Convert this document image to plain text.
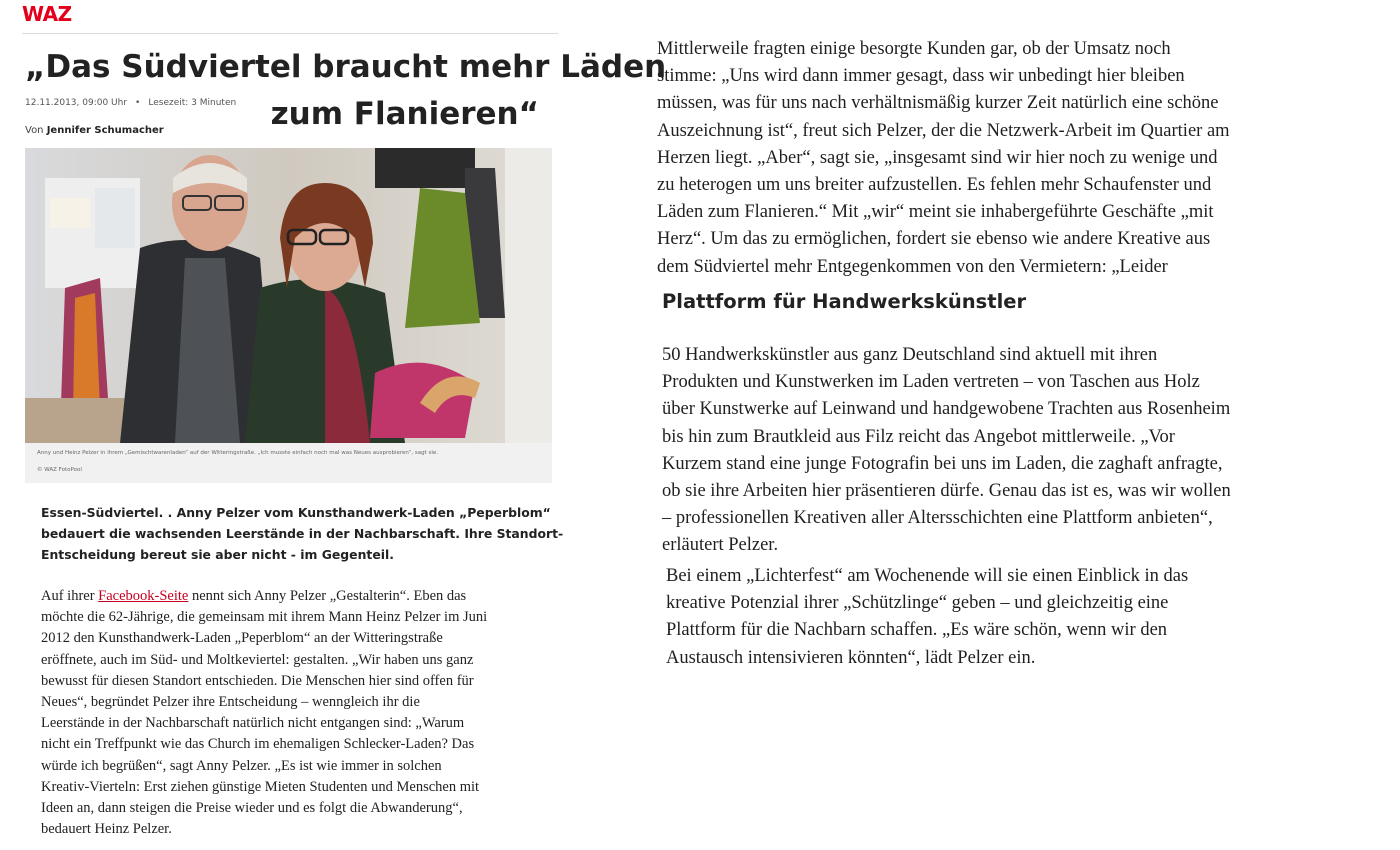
WAZ
„Das Südviertel braucht mehr Läden
zum Flanieren“
12.11.2013, 09:00 Uhr • Lesezeit: 3 Minuten
Von Jennifer Schumacher
Anny und Heinz Pelzer in ihrem „Gemischtwarenladen“ auf der Witteringstraße. „Ich musste einfach noch mal was Neues ausprobieren“, sagt sie.
© WAZ FotoPool
Essen-Südviertel. . Anny Pelzer vom Kunsthandwerk-Laden „Peperblom“
bedauert die wachsenden Leerstände in der Nachbarschaft. Ihre Standort-
Entscheidung bereut sie aber nicht - im Gegenteil.
Auf ihrer Facebook-Seite nennt sich Anny Pelzer „Gestalterin“. Eben das
möchte die 62-Jährige, die gemeinsam mit ihrem Mann Heinz Pelzer im Juni
2012 den Kunsthandwerk-Laden „Peperblom“ an der Witteringstraße
eröffnete, auch im Süd- und Moltkeviertel: gestalten. „Wir haben uns ganz
bewusst für diesen Standort entschieden. Die Menschen hier sind offen für
Neues“, begründet Pelzer ihre Entscheidung – wenngleich ihr die
Leerstände in der Nachbarschaft natürlich nicht entgangen sind: „Warum
nicht ein Treffpunkt wie das Church im ehemaligen Schlecker-Laden? Das
würde ich begrüßen“, sagt Anny Pelzer. „Es ist wie immer in solchen
Kreativ-Vierteln: Erst ziehen günstige Mieten Studenten und Menschen mit
Ideen an, dann steigen die Preise wieder und es folgt die Abwanderung“,
bedauert Heinz Pelzer.
Mittlerweile fragten einige besorgte Kunden gar, ob der Umsatz noch
stimme: „Uns wird dann immer gesagt, dass wir unbedingt hier bleiben
müssen, was für uns nach verhältnismäßig kurzer Zeit natürlich eine schöne
Auszeichnung ist“, freut sich Pelzer, der die Netzwerk-Arbeit im Quartier am
Herzen liegt. „Aber“, sagt sie, „insgesamt sind wir hier noch zu wenige und
zu heterogen um uns breiter aufzustellen. Es fehlen mehr Schaufenster und
Läden zum Flanieren.“ Mit „wir“ meint sie inhabergeführte Geschäfte „mit
Herz“. Um das zu ermöglichen, fordert sie ebenso wie andere Kreative aus
dem Südviertel mehr Entgegenkommen von den Vermietern: „Leider
Plattform für Handwerkskünstler
50 Handwerkskünstler aus ganz Deutschland sind aktuell mit ihren
Produkten und Kunstwerken im Laden vertreten – von Taschen aus Holz
über Kunstwerke auf Leinwand und handgewobene Trachten aus Rosenheim
bis hin zum Brautkleid aus Filz reicht das Angebot mittlerweile. „Vor
Kurzem stand eine junge Fotografin bei uns im Laden, die zaghaft anfragte,
ob sie ihre Arbeiten hier präsentieren dürfe. Genau das ist es, was wir wollen
– professionellen Kreativen aller Altersschichten eine Plattform anbieten“,
erläutert Pelzer.
Bei einem „Lichterfest“ am Wochenende will sie einen Einblick in das
kreative Potenzial ihrer „Schützlinge“ geben – und gleichzeitig eine
Plattform für die Nachbarn schaffen. „Es wäre schön, wenn wir den
Austausch intensivieren könnten“, lädt Pelzer ein.
